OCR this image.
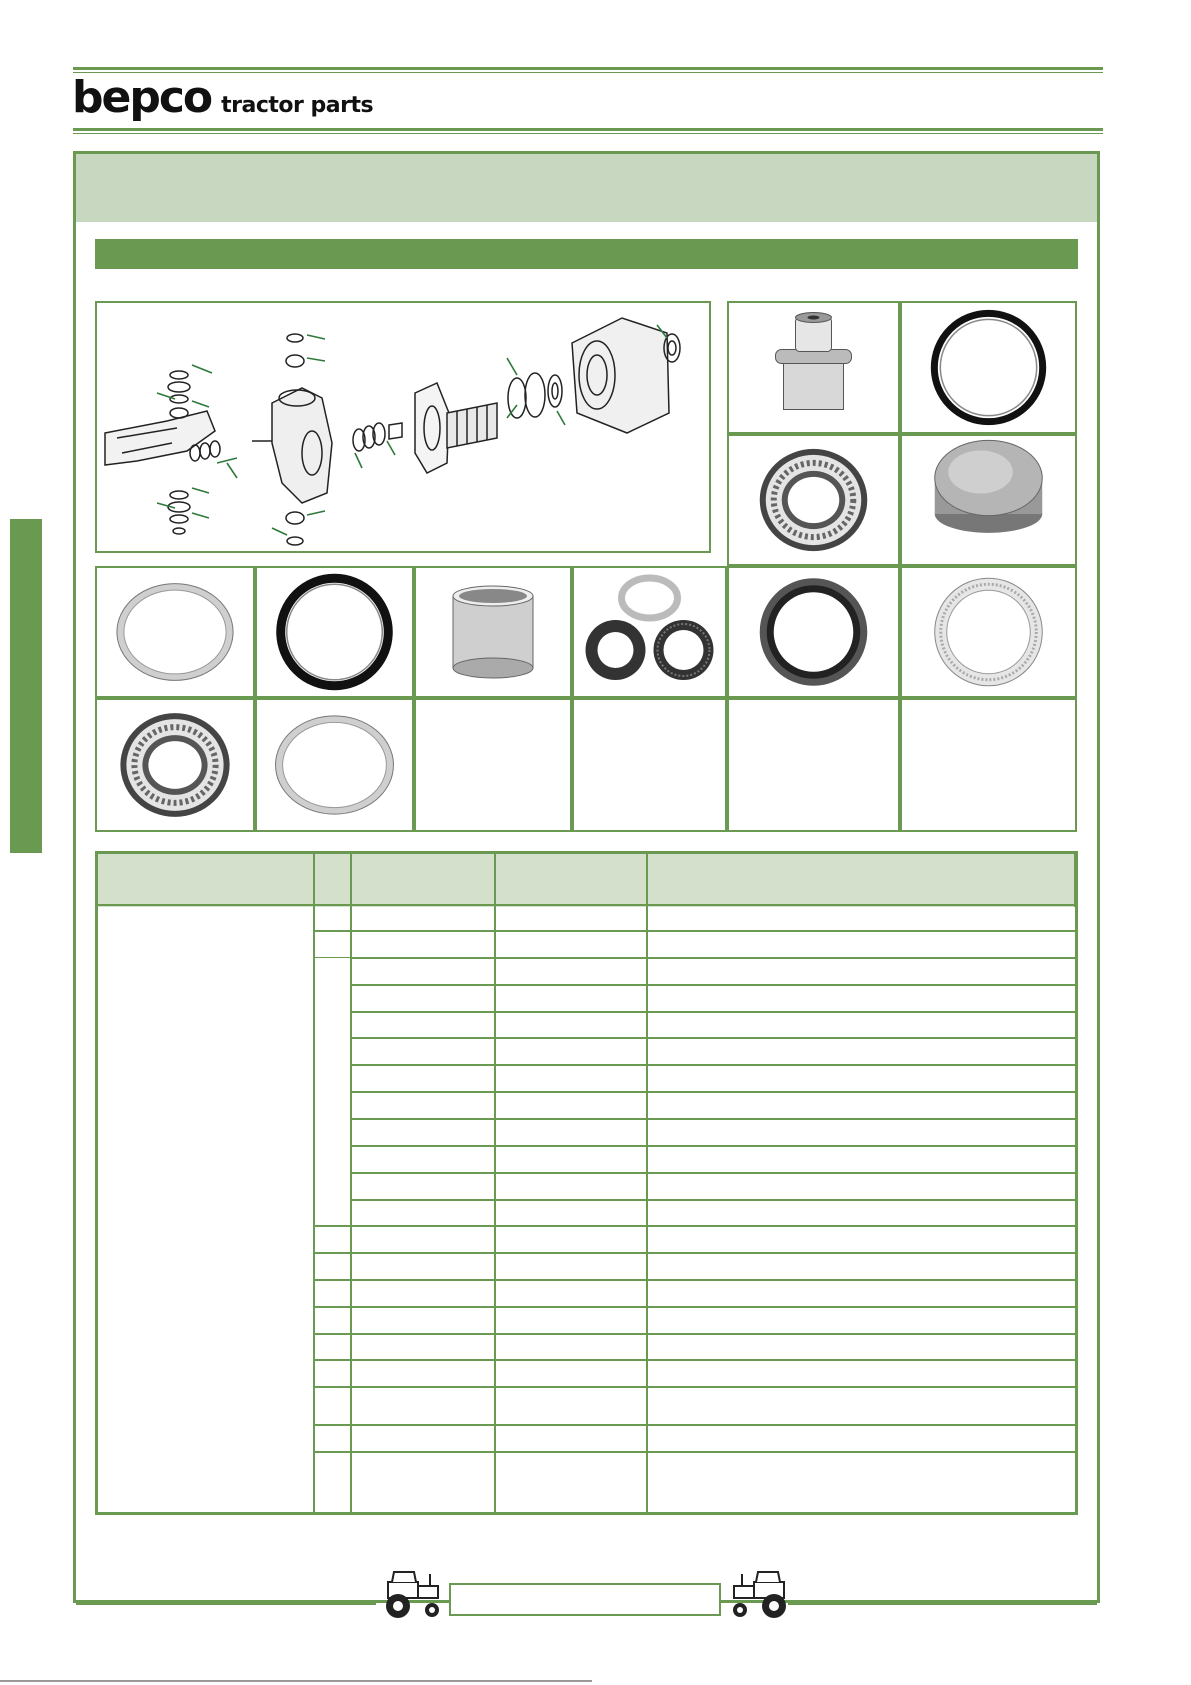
bepco tractor parts
